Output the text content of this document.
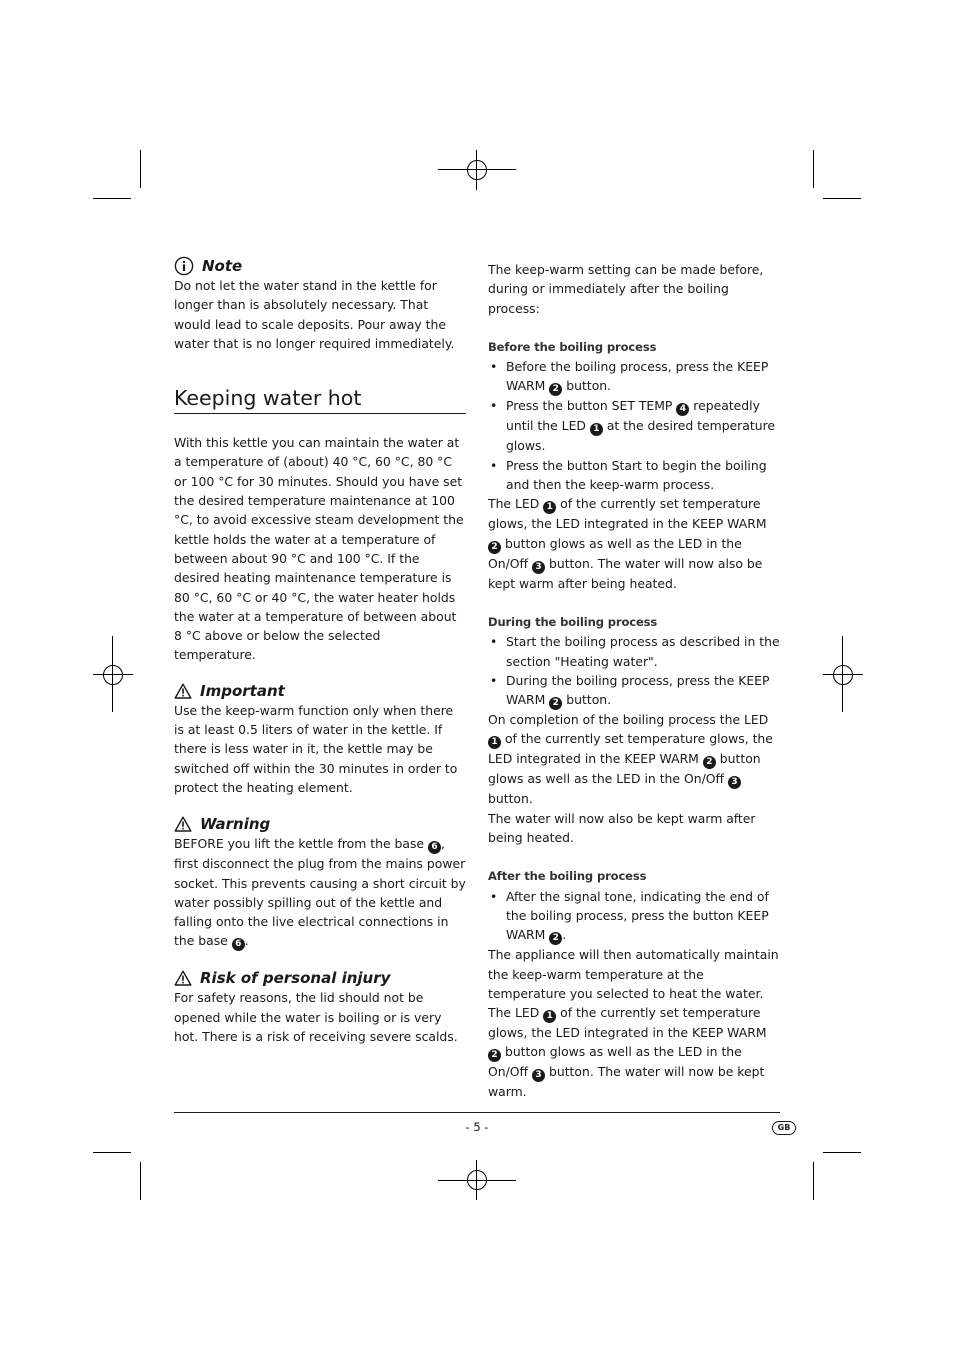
Note

Do not let the water stand in the kettle for longer than is absolutely necessary. That would lead to scale deposits. Pour away the water that is no longer required immediately.

Keeping water hot

With this kettle you can maintain the water at a temperature of (about) 40 °C, 60 °C, 80 °C or 100 °C for 30 minutes. Should you have set the desired temperature maintenance at 100 °C, to avoid excessive steam development the kettle holds the water at a temperature of between about 90 °C and 100 °C. If the desired heating maintenance temperature is 80 °C, 60 °C or 40 °C, the water heater holds the water at a temperature of between about 8 °C above or below the selected temperature.

Important

Use the keep-warm function only when there is at least 0.5 liters of water in the kettle. If there is less water in it, the kettle may be switched off within the 30 minutes in order to protect the heating element.

Warning

BEFORE you lift the kettle from the base 6 , first disconnect the plug from the mains power socket. This prevents causing a short circuit by water possibly spilling out of the kettle and falling onto the live electrical connections in the base 6 .

Risk of personal injury

For safety reasons, the lid should not be opened while the water is boiling or is very hot. There is a risk of receiving severe scalds.

The keep-warm setting can be made before, during or immediately after the boiling process:

Before the boiling process
• Before the boiling process, press the KEEP WARM 2 button.
• Press the button SET TEMP 4 repeatedly until the LED 1 at the desired temperature glows.
• Press the button Start to begin the boiling and then the keep-warm process.

The LED 1 of the currently set temperature glows, the LED integrated in the KEEP WARM 2 button glows as well as the LED in the On/Off 3 button. The water will now also be kept warm after being heated.

During the boiling process
• Start the boiling process as described in the section "Heating water".
• During the boiling process, press the KEEP WARM 2 button.

On completion of the boiling process the LED 1 of the currently set temperature glows, the LED integrated in the KEEP WARM 2 button glows as well as the LED in the On/Off 3 button.

The water will now also be kept warm after being heated.

After the boiling process
• After the signal tone, indicating the end of the boiling process, press the button KEEP WARM 2 .

The appliance will then automatically maintain the keep-warm temperature at the temperature you selected to heat the water. The LED 1 of the currently set temperature glows, the LED integrated in the KEEP WARM 2 button glows as well as the LED in the On/Off 3 button. The water will now be kept warm.

- 5 -	GB
